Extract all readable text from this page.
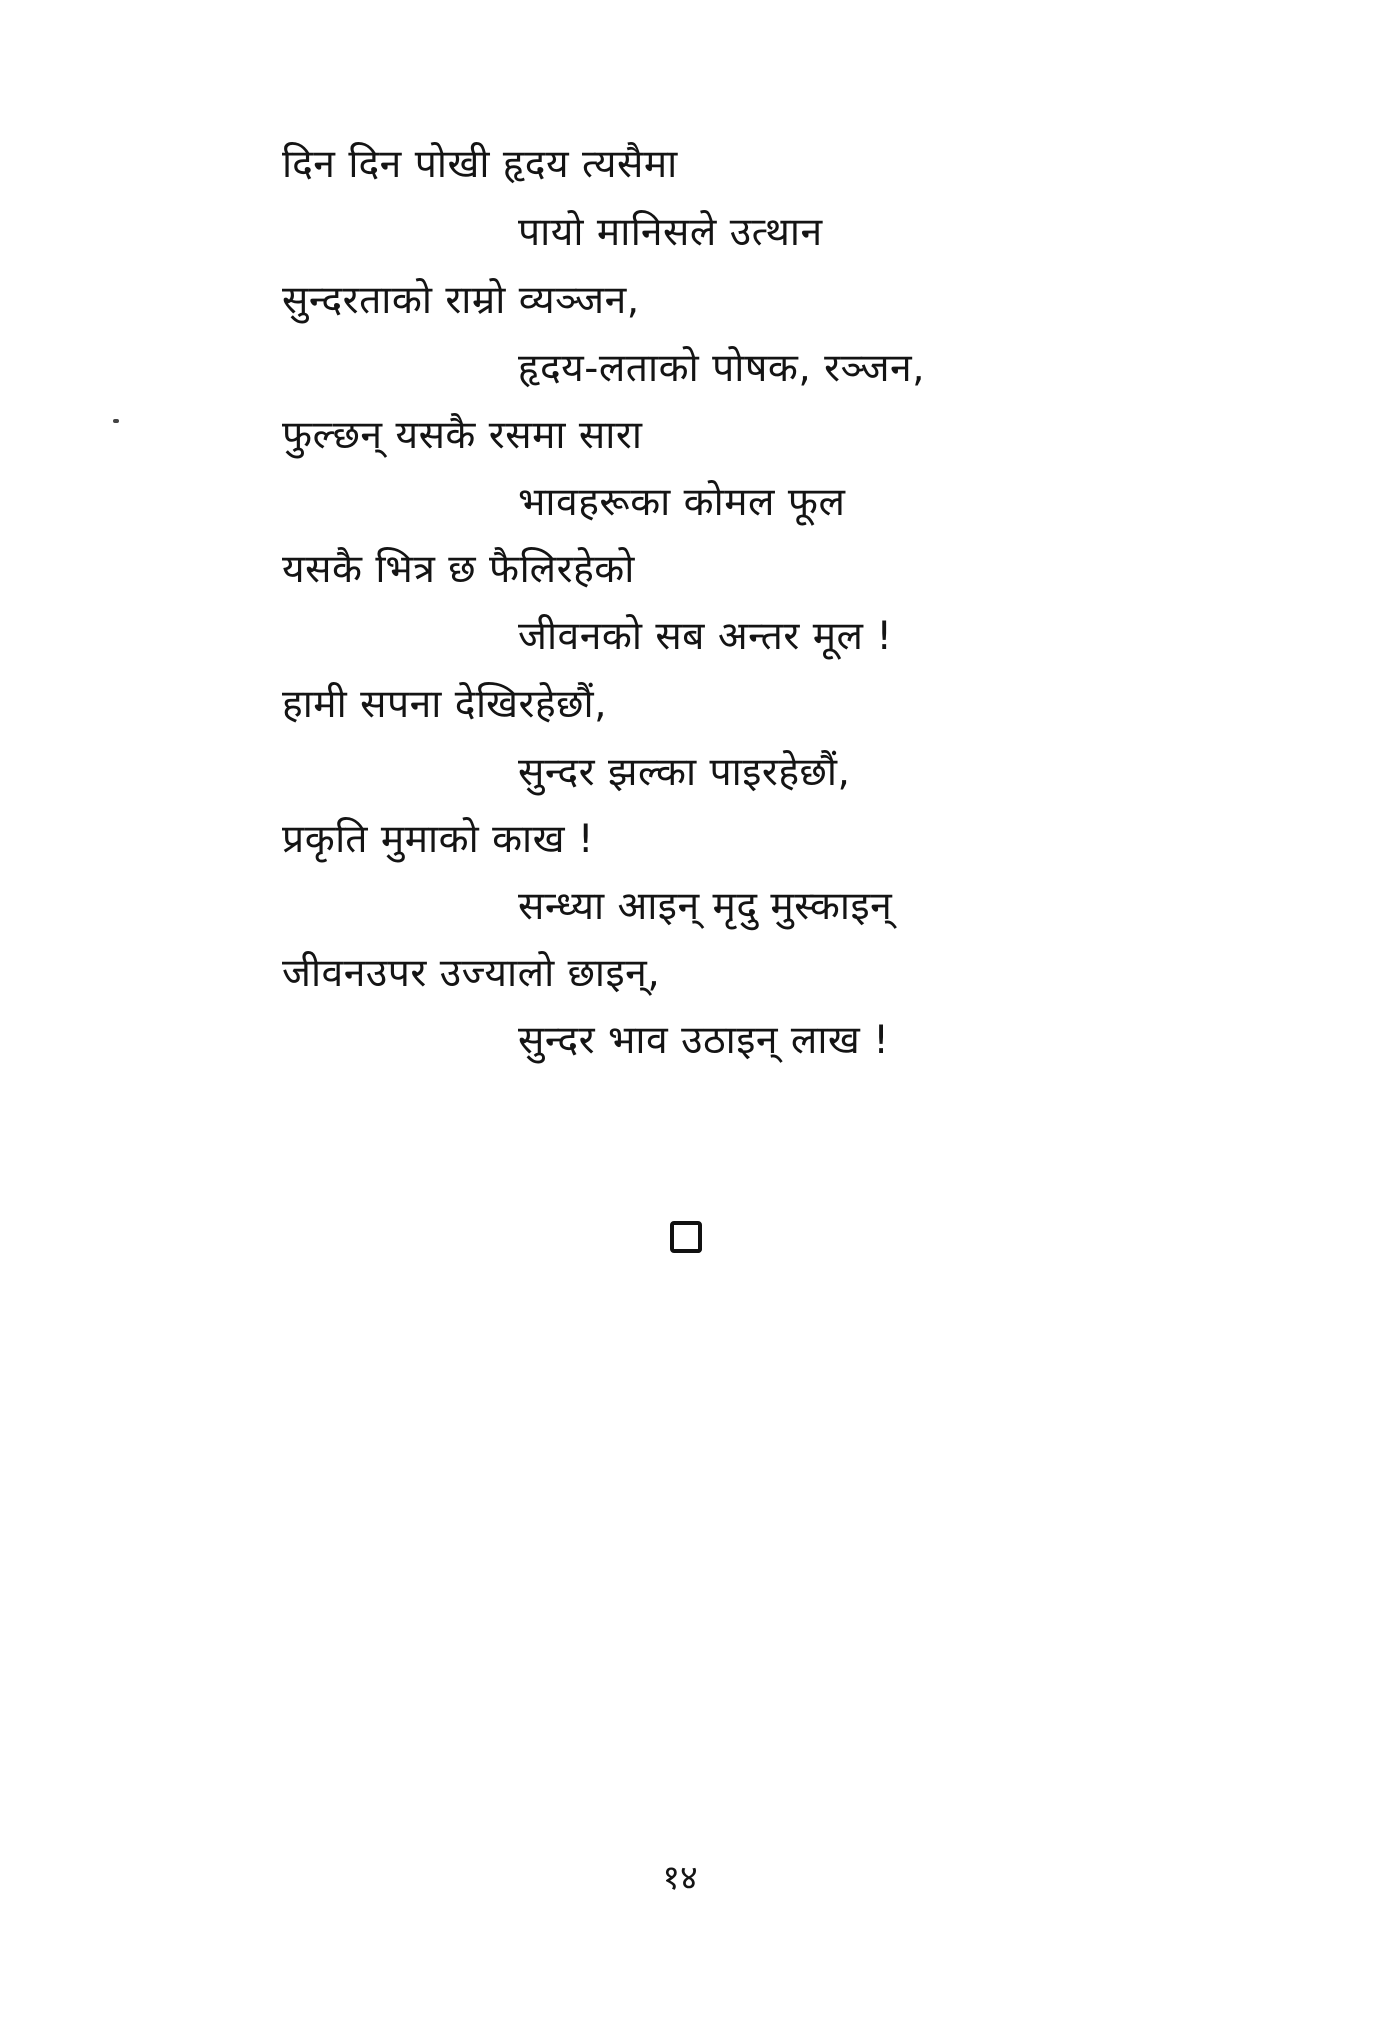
दिन दिन पोखी हृदय त्यसैमा
पायो मानिसले उत्थान
सुन्दरताको राम्रो व्यञ्जन,
हृदय-लताको पोषक, रञ्जन,
फुल्छन् यसकै रसमा सारा
भावहरूका कोमल फूल
यसकै भित्र छ फैलिरहेको
जीवनको सब अन्तर मूल !
हामी सपना देखिरहेछौं,
सुन्दर झल्का पाइरहेछौं,
प्रकृति मुमाको काख !
सन्ध्या आइन् मृदु मुस्काइन्
जीवनउपर उज्यालो छाइन्,
सुन्दर भाव उठाइन् लाख !
१४
